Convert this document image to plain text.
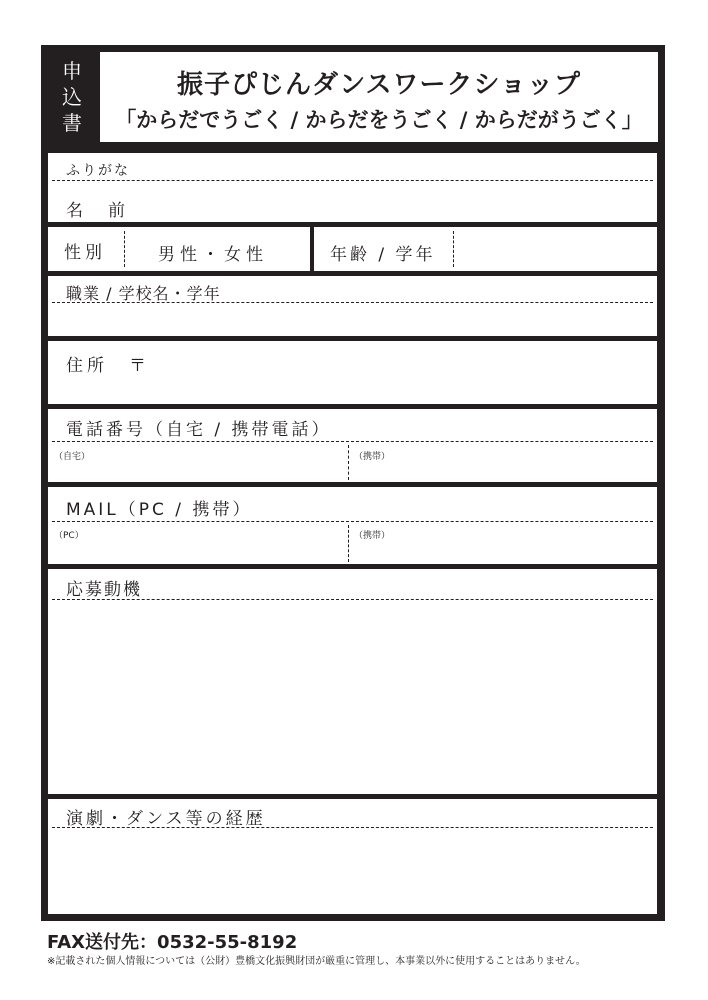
申
込
書
振子ぴじんダンスワークショップ
「からだでうごく / からだをうごく / からだがうごく」
ふりがな
名　前
性別	男性・女性	年齢 / 学年
職業 / 学校名・学年
住所　〒
電話番号（自宅 / 携帯電話）
（自宅）	（携帯）
MAIL（PC / 携帯）
（PC）	（携帯）
応募動機
演劇・ダンス等の経歴
FAX送付先：0532-55-8192
※記載された個人情報については（公財）豊橋文化振興財団が厳重に管理し、本事業以外に使用することはありません。
